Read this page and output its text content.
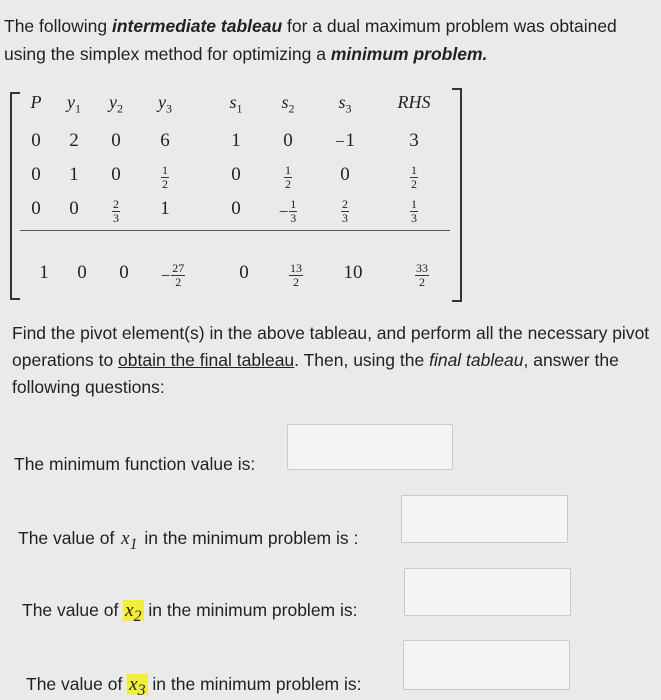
The following intermediate tableau for a dual maximum problem was obtained using the simplex method for optimizing a minimum problem.
P	$y_1$	$y_2$	$y_3$	$s_1$	$s_2$	$s_3$	RHS
0	2	0	6	1	0	−1	3
0	1	0	$\frac{1}{2}$	0	$\frac{1}{2}$	0	$\frac{1}{2}$
0	0	$\frac{2}{3}$	1	0	− $\frac{1}{3}$	$\frac{2}{3}$	$\frac{1}{3}$
1	0	0	− $\frac{27}{2}$	0	$\frac{13}{2}$	10	$\frac{33}{2}$
Find the pivot element(s) in the above tableau, and perform all the necessary pivot operations to obtain the final tableau. Then, using the final tableau, answer the following questions:
The minimum function value is:
The value of $x_1$ in the minimum problem is :
The value of $x_2$ in the minimum problem is:
The value of $x_3$ in the minimum problem is:
